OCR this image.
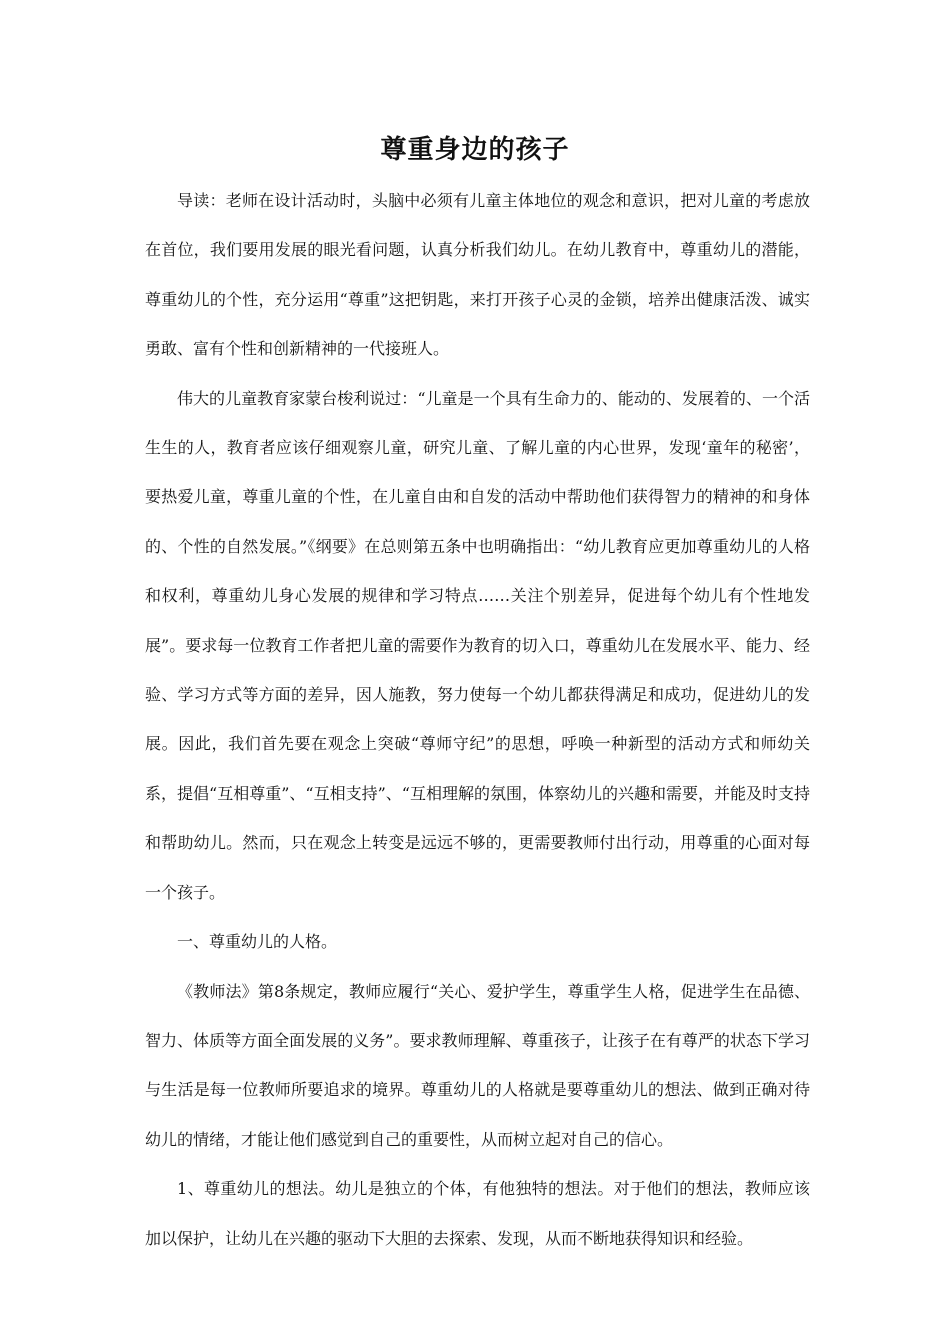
尊重身边的孩子

导读：老师在设计活动时，头脑中必须有儿童主体地位的观念和意识，把对儿童的考虑放在首位，我们要用发展的眼光看问题，认真分析我们幼儿。在幼儿教育中，尊重幼儿的潜能，尊重幼儿的个性，充分运用“尊重”这把钥匙，来打开孩子心灵的金锁，培养出健康活泼、诚实勇敢、富有个性和创新精神的一代接班人。

伟大的儿童教育家蒙台梭利说过：“儿童是一个具有生命力的、能动的、发展着的、一个活生生的人，教育者应该仔细观察儿童，研究儿童、了解儿童的内心世界，发现‘童年的秘密’，要热爱儿童，尊重儿童的个性，在儿童自由和自发的活动中帮助他们获得智力的精神的和身体的、个性的自然发展。”《纲要》在总则第五条中也明确指出：“幼儿教育应更加尊重幼儿的人格和权利，尊重幼儿身心发展的规律和学习特点……关注个别差异，促进每个幼儿有个性地发展”。要求每一位教育工作者把儿童的需要作为教育的切入口，尊重幼儿在发展水平、能力、经验、学习方式等方面的差异，因人施教，努力使每一个幼儿都获得满足和成功，促进幼儿的发展。因此，我们首先要在观念上突破“尊师守纪”的思想，呼唤一种新型的活动方式和师幼关系，提倡“互相尊重”、“互相支持”、“互相理解的氛围，体察幼儿的兴趣和需要，并能及时支持和帮助幼儿。然而，只在观念上转变是远远不够的，更需要教师付出行动，用尊重的心面对每一个孩子。

一、尊重幼儿的人格。

《教师法》第8条规定，教师应履行“关心、爱护学生，尊重学生人格，促进学生在品德、智力、体质等方面全面发展的义务”。要求教师理解、尊重孩子，让孩子在有尊严的状态下学习与生活是每一位教师所要追求的境界。尊重幼儿的人格就是要尊重幼儿的想法、做到正确对待幼儿的情绪，才能让他们感觉到自己的重要性，从而树立起对自己的信心。

1、尊重幼儿的想法。幼儿是独立的个体，有他独特的想法。对于他们的想法，教师应该加以保护，让幼儿在兴趣的驱动下大胆的去探索、发现，从而不断地获得知识和经验。
